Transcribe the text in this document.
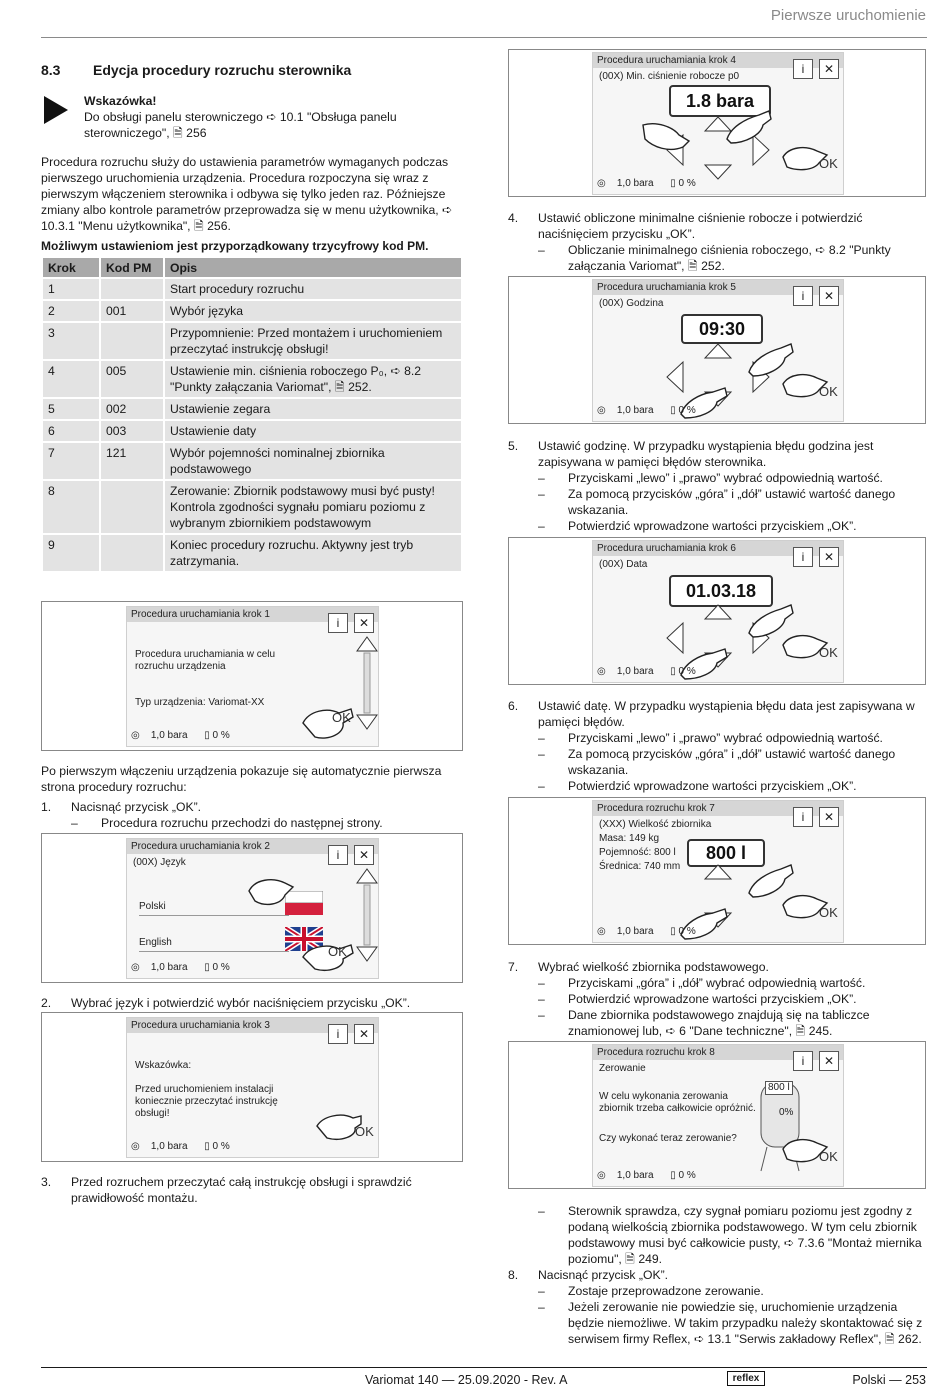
Pierwsze uruchomienie
8.3 Edycja procedury rozruchu sterownika
Wskazówka!
Do obsługi panelu sterowniczego ➪ 10.1 "Obsługa panelu sterowniczego", 🗎 256
Procedura rozruchu służy do ustawienia parametrów wymaganych podczas pierwszego uruchomienia urządzenia. Procedura rozpoczyna się wraz z pierwszym włączeniem sterownika i odbywa się tylko jeden raz. Późniejsze zmiany albo kontrole parametrów przeprowadza się w menu użytkownika, ➪ 10.3.1 "Menu użytkownika", 🗎 256.
Możliwym ustawieniom jest przyporządkowany trzycyfrowy kod PM.
Krok	Kod PM	Opis
1		Start procedury rozruchu
2	001	Wybór języka
3		Przypomnienie: Przed montażem i uruchomieniem przeczytać instrukcję obsługi!
4	005	Ustawienie min. ciśnienia roboczego P₀, ➪ 8.2 "Punkty załączania Variomat", 🗎 252.
5	002	Ustawienie zegara
6	003	Ustawienie daty
7	121	Wybór pojemności nominalnej zbiornika podstawowego
8		Zerowanie: Zbiornik podstawowy musi być pusty! Kontrola zgodności sygnału pomiaru poziomu z wybranym zbiornikiem podstawowym
9		Koniec procedury rozruchu. Aktywny jest tryb zatrzymania.
Procedura uruchamiania krok 1
i	✕
Procedura uruchamiania w celu rozruchu urządzenia
Typ urządzenia: Variomat-XX
OK
◎ 1,0 bara ▯ 0 %
Po pierwszym włączeniu urządzenia pokazuje się automatycznie pierwsza strona procedury rozruchu:
1. Nacisnąć przycisk „OK”.
– Procedura rozruchu przechodzi do następnej strony.
Procedura uruchamiania krok 2
(00X) Język
i	✕
Polski
English
OK
◎ 1,0 bara ▯ 0 %
2. Wybrać język i potwierdzić wybór naciśnięciem przycisku „OK”.
Procedura uruchamiania krok 3
i	✕
Wskazówka:
Przed uruchomieniem instalacji koniecznie przeczytać instrukcję obsługi!
OK
◎ 1,0 bara ▯ 0 %
3. Przed rozruchem przeczytać całą instrukcję obsługi i sprawdzić prawidłowość montażu.
Procedura uruchamiania krok 4
(00X) Min. ciśnienie robocze p0
i	✕
1.8 bara
OK
◎ 1,0 bara ▯ 0 %
4. Ustawić obliczone minimalne ciśnienie robocze i potwierdzić naciśnięciem przycisku „OK”.
– Obliczanie minimalnego ciśnienia roboczego, ➪ 8.2 "Punkty załączania Variomat", 🗎 252.
Procedura uruchamiania krok 5
(00X) Godzina
i	✕
09:30
OK
◎ 1,0 bara ▯ 0 %
5. Ustawić godzinę. W przypadku wystąpienia błędu godzina jest zapisywana w pamięci błędów sterownika.
– Przyciskami „lewo” i „prawo” wybrać odpowiednią wartość.
– Za pomocą przycisków „góra” i „dół” ustawić wartość danego wskazania.
– Potwierdzić wprowadzone wartości przyciskiem „OK”.
Procedura uruchamiania krok 6
(00X) Data
i	✕
01.03.18
OK
◎ 1,0 bara ▯ 0 %
6. Ustawić datę. W przypadku wystąpienia błędu data jest zapisywana w pamięci błędów.
– Przyciskami „lewo” i „prawo” wybrać odpowiednią wartość.
– Za pomocą przycisków „góra” i „dół” ustawić wartość danego wskazania.
– Potwierdzić wprowadzone wartości przyciskiem „OK”.
Procedura rozruchu krok 7
(XXX) Wielkość zbiornika
i	✕
Masa: 149 kg
Pojemność: 800 l
Średnica: 740 mm
800 l
OK
◎ 1,0 bara ▯ 0 %
7. Wybrać wielkość zbiornika podstawowego.
– Przyciskami „góra” i „dół” wybrać odpowiednią wartość.
– Potwierdzić wprowadzone wartości przyciskiem „OK”.
– Dane zbiornika podstawowego znajdują się na tabliczce znamionowej lub, ➪ 6 "Dane techniczne", 🗎 245.
Procedura rozruchu krok 8
Zerowanie
i	✕
W celu wykonania zerowania zbiornik trzeba całkowicie opróżnić.
Czy wykonać teraz zerowanie?
800 l
0%
OK
◎ 1,0 bara ▯ 0 %
– Sterownik sprawdza, czy sygnał pomiaru poziomu jest zgodny z podaną wielkością zbiornika podstawowego. W tym celu zbiornik podstawowy musi być całkowicie pusty, ➪ 7.3.6 "Montaż miernika poziomu", 🗎 249.
8. Nacisnąć przycisk „OK”.
– Zostaje przeprowadzone zerowanie.
– Jeżeli zerowanie nie powiedzie się, uruchomienie urządzenia będzie niemożliwe. W takim przypadku należy skontaktować się z serwisem firmy Reflex, ➪ 13.1 "Serwis zakładowy Reflex", 🗎 262.
Variomat 140 — 25.09.2020 - Rev. A	reflex	Polski — 253
